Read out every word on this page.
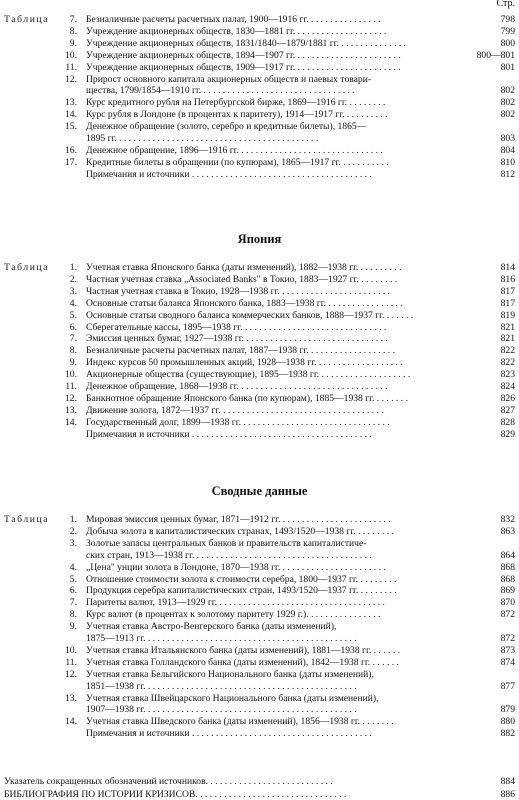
Стр.
Таблица	7. Безналичные расчеты расчетных палат, 1900—1916 гг. . . . . . . . . . . . . . . .	798
8. Учреждение акционерных обществ, 1830—1881 гг. . . . . . . . . . . . . . . . . . . .	799
9. Учреждение акционерных обществ, 1831/1840—1879/1881 гг. . . . . . . . . . . . . . .	800
10. Учреждение акционерных обществ, 1894—1907 гг. . . . . . . . . . . . . . . . . . . . . . .	800—801
11. Учреждение акционерных обществ, 1909—1917 гг. . . . . . . . . . . . . . . . . . . . . . .	801
12. Прирост основного капитала акционерных обществ и паевых товари-
щества, 1799/1854—1910 гг. . . . . . . . . . . . . . . . . . . . . . . . . . . . . . . . .	802
13. Курс кредитного рубля на Петербургской бирже, 1869—1916 гг. . . . . . . . .	802
14. Курс рубля в Лондоне (в процентах к паритету), 1914—1917 гг. . . . . . . . . .	802
15. Денежное обращение (золото, серебро и кредитные билеты), 1865—
1895 гг. . . . . . . . . . . . . . . . . . . . . . . . . . . . . . . . . . . . . . . . . . .	803
16. Денежное обращение, 1896—1916 гг. . . . . . . . . . . . . . . . . . . . . . . . . . . . . . .	804
17. Кредитные билеты в обращении (по купюрам), 1865—1917 гг. . . . . . . . . . .	810
Примечания и источники . . . . . . . . . . . . . . . . . . . . . . . . . . . . . . . . . . . . . .	812
Япония
Таблица	1. Учетная ставка Японского банка (даты изменений), 1882—1938 гг. . . . . . . . . .	814
2. Частная учетная ставка „Associated Banks" в Токио, 1883—1927 гг. . . . . . . . .	816
3. Частная учетная ставка в Токио, 1928—1938 гг. . . . . . . . . . . . . . . . . . . . . . . .	817
4. Основные статьи баланса Японского банка, 1883—1938 гг. . . . . . . . . . . . . . . . .	817
5. Основные статьи сводного баланса коммерческих банков, 1888—1937 гг. . . . . . .	819
6. Сберегательные кассы, 1895—1938 гг. . . . . . . . . . . . . . . . . . . . . . . . . . . . . . .	821
7. Эмиссия ценных бумаг, 1927—1938 гг. . . . . . . . . . . . . . . . . . . . . . . . . . . . . . .	821
8. Безналичные расчеты расчетных палат, 1887—1938 гг. . . . . . . . . . . . . . . . . . .	822
9. Индекс курсов 50 промышленных акций, 1928—1938 гг. . . . . . . . . . . . . . . . . . .	822
10. Акционерные общества (существующие), 1895—1938 гг. . . . . . . . . . . . . . . . . . . .	823
11. Денежное обращение, 1868—1938 гг. . . . . . . . . . . . . . . . . . . . . . . . . . . . . . . .	824
12. Банкнотное обращение Японского банка (по купюрам), 1885—1938 гг. . . . . . . .	826
13. Движение золота, 1872—1937 гг. . . . . . . . . . . . . . . . . . . . . . . . . . . . . . . . . . .	827
14. Государственный долг, 1899—1938 гг. . . . . . . . . . . . . . . . . . . . . . . . . . . . . . . .	828
Примечания и источники . . . . . . . . . . . . . . . . . . . . . . . . . . . . . . . . . . . . . .	829
Сводные данные
Таблица	1. Мировая эмиссия ценных бумаг, 1871—1912 гг. . . . . . . . . . . . . . . . . . . . . . . .	832
2. Добыча золота в капиталистических странах, 1493/1520—1938 гг. . . . . . . . .	863
3. Золотые запасы центральных банков и правительств капиталистиче-
ских стран, 1913—1938 гг. . . . . . . . . . . . . . . . . . . . . . . . . . . . . . . . . . . . . .	864
4. „Цена" унции золота в Лондоне, 1870—1938 гг. . . . . . . . . . . . . . . . . . . . . . .	868
5. Отношение стоимости золота к стоимости серебра, 1800—1937 гг. . . . . . . . .	868
6. Продукция серебра капиталистических стран, 1493/1520—1937 гг. . . . . . . . .	869
7. Паритеты валют, 1913—1929 гг. . . . . . . . . . . . . . . . . . . . . . . . . . . . . . . . . . . .	870
8. Курс валют (в процентах к золотому паритету 1929 г.). . . . . . . . . . . . . . . .	872
9. Учетная ставка Австро-Венгерского банка (даты изменений),
1875—1913 гг. . . . . . . . . . . . . . . . . . . . . . . . . . . . . . . . . . . . . . . . . . . . .	872
10. Учетная ставка Итальянского банка (даты изменений), 1881—1938 гг. . . . . . .	873
11. Учетная ставка Голландского банка (даты изменений), 1842—1938 гг. . . . . . .	874
12. Учетная ставка Бельгийского Национального банка (даты изменений),
1851—1938 гг. . . . . . . . . . . . . . . . . . . . . . . . . . . . . . . . . . . . . . . . . . . . .	877
13. Учетная ставка Швейцарского Национального банка (даты изменений),
1907—1938 гг. . . . . . . . . . . . . . . . . . . . . . . . . . . . . . . . . . . . . . . . . . . . .	879
14. Учетная ставка Шведского банка (даты изменений), 1856—1938 гг. . . . . . . .	880
Примечания и источники . . . . . . . . . . . . . . . . . . . . . . . . . . . . . . . . . . . . . .	882
Указатель сокращенных обозначений источников. . . . . . . . . . . . . . . . . . . . . . . . . . .	884
БИБЛИОГРАФИЯ ПО ИСТОРИИ КРИЗИСОВ. . . . . . . . . . . . . . . . . . . . . . . . . . . . . . . .	886
